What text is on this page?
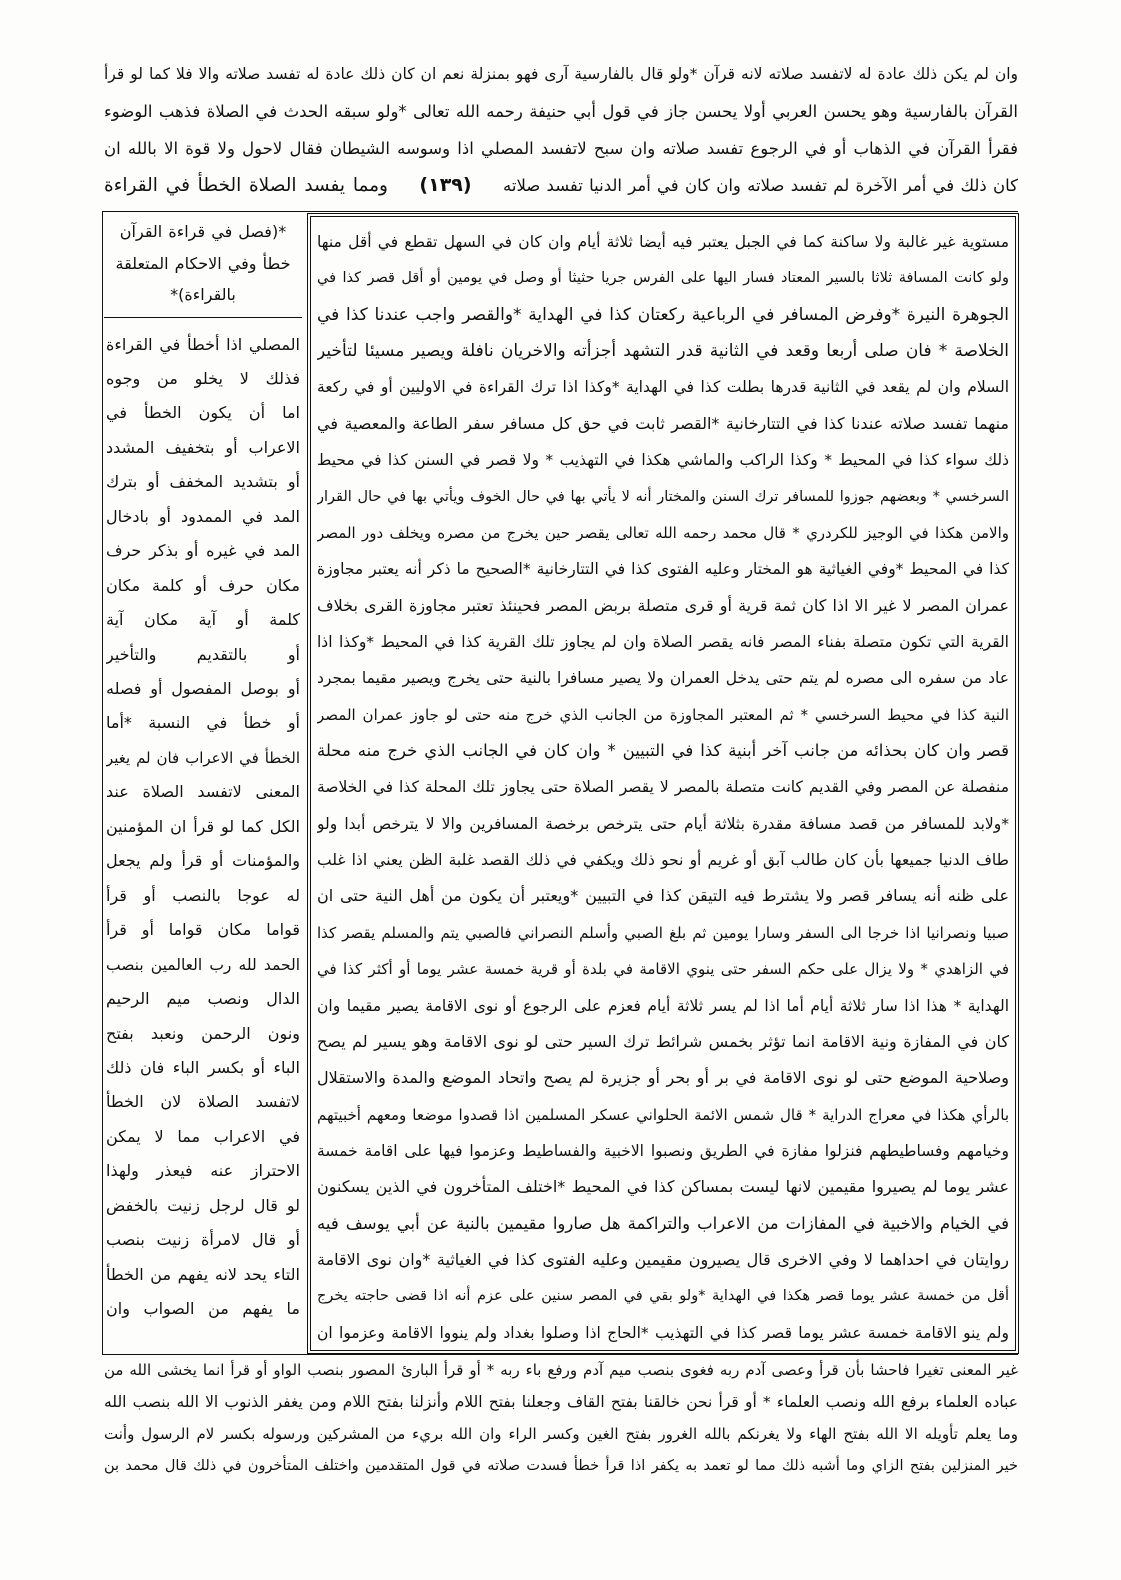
وان لم يكن ذلك عادة له لاتفسد صلاته لانه قرآن *ولو قال بالفارسية آرى فهو بمنزلة نعم ان كان ذلك عادة له تفسد صلاته والا فلا كما لو قرأ
القرآن بالفارسية وهو يحسن العربي أولا يحسن جاز في قول أبي حنيفة رحمه الله تعالى *ولو سبقه الحدث في الصلاة فذهب الوضوء
فقرأ القرآن في الذهاب أو في الرجوع تفسد صلاته وان سبح لاتفسد المصلي اذا وسوسه الشيطان فقال لاحول ولا قوة الا بالله ان
كان ذلك في أمر الآخرة لم تفسد صلاته وان كان في أمر الدنيا تفسد صلاته
(١٣٩)
ومما يفسد الصلاة الخطأ في القراءة
*(فصل في قراءة القرآن
خطأ وفي الاحكام المتعلقة
بالقراءة)*
المصلي اذا أخطأ في القراءة
فذلك لا يخلو من وجوه
اما أن يكون الخطأ في
الاعراب أو بتخفيف المشدد
أو بتشديد المخفف أو بترك
المد في الممدود أو بادخال
المد في غيره أو بذكر حرف
مكان حرف أو كلمة مكان
كلمة أو آية مكان آية
أو بالتقديم والتأخير
أو بوصل المفصول أو فصله
أو خطأ في النسبة *أما
الخطأ في الاعراب فان لم يغير
المعنى لاتفسد الصلاة عند
الكل كما لو قرأ ان المؤمنين
والمؤمنات أو قرأ ولم يجعل
له عوجا بالنصب أو قرأ
قواما مكان قواما أو قرأ
الحمد لله رب العالمين بنصب
الدال ونصب ميم الرحيم
ونون الرحمن ونعبد بفتح
الباء أو بكسر الباء فان ذلك
لاتفسد الصلاة لان الخطأ
في الاعراب مما لا يمكن
الاحتراز عنه فيعذر ولهذا
لو قال لرجل زنيت بالخفض
أو قال لامرأة زنيت بنصب
التاء يحد لانه يفهم من الخطأ
ما يفهم من الصواب وان
مستوية غير غالبة ولا ساكنة كما في الجبل يعتبر فيه أيضا ثلاثة أيام وان كان في السهل تقطع في أقل منها
ولو كانت المسافة ثلاثا بالسير المعتاد فسار اليها على الفرس جريا حثيثا أو وصل في يومين أو أقل قصر كذا في
الجوهرة النيرة *وفرض المسافر في الرباعية ركعتان كذا في الهداية *والقصر واجب عندنا كذا في
الخلاصة * فان صلى أربعا وقعد في الثانية قدر التشهد أجزأته والاخريان نافلة ويصير مسيئا لتأخير
السلام وان لم يقعد في الثانية قدرها بطلت كذا في الهداية *وكذا اذا ترك القراءة في الاوليين أو في ركعة
منهما تفسد صلاته عندنا كذا في التتارخانية *القصر ثابت في حق كل مسافر سفر الطاعة والمعصية في
ذلك سواء كذا في المحيط * وكذا الراكب والماشي هكذا في التهذيب * ولا قصر في السنن كذا في محيط
السرخسي * وبعضهم جوزوا للمسافر ترك السنن والمختار أنه لا يأتي بها في حال الخوف ويأتي بها في حال القرار
والامن هكذا في الوجيز للكردري * قال محمد رحمه الله تعالى يقصر حين يخرج من مصره ويخلف دور المصر
كذا في المحيط *وفي الغياثية هو المختار وعليه الفتوى كذا في التتارخانية *الصحيح ما ذكر أنه يعتبر مجاوزة
عمران المصر لا غير الا اذا كان ثمة قرية أو قرى متصلة بربض المصر فحينئذ تعتبر مجاوزة القرى بخلاف
القرية التي تكون متصلة بفناء المصر فانه يقصر الصلاة وان لم يجاوز تلك القرية كذا في المحيط *وكذا اذا
عاد من سفره الى مصره لم يتم حتى يدخل العمران ولا يصير مسافرا بالنية حتى يخرج ويصير مقيما بمجرد
النية كذا في محيط السرخسي * ثم المعتبر المجاوزة من الجانب الذي خرج منه حتى لو جاوز عمران المصر
قصر وان كان بحذائه من جانب آخر أبنية كذا في التبيين * وان كان في الجانب الذي خرج منه محلة
منفصلة عن المصر وفي القديم كانت متصلة بالمصر لا يقصر الصلاة حتى يجاوز تلك المحلة كذا في الخلاصة
*ولابد للمسافر من قصد مسافة مقدرة بثلاثة أيام حتى يترخص برخصة المسافرين والا لا يترخص أبدا ولو
طاف الدنيا جميعها بأن كان طالب آبق أو غريم أو نحو ذلك ويكفي في ذلك القصد غلبة الظن يعني اذا غلب
على ظنه أنه يسافر قصر ولا يشترط فيه التيقن كذا في التبيين *ويعتبر أن يكون من أهل النية حتى ان
صبيا ونصرانيا اذا خرجا الى السفر وسارا يومين ثم بلغ الصبي وأسلم النصراني فالصبي يتم والمسلم يقصر كذا
في الزاهدي * ولا يزال على حكم السفر حتى ينوي الاقامة في بلدة أو قرية خمسة عشر يوما أو أكثر كذا في
الهداية * هذا اذا سار ثلاثة أيام أما اذا لم يسر ثلاثة أيام فعزم على الرجوع أو نوى الاقامة يصير مقيما وان
كان في المفازة ونية الاقامة انما تؤثر بخمس شرائط ترك السير حتى لو نوى الاقامة وهو يسير لم يصح
وصلاحية الموضع حتى لو نوى الاقامة في بر أو بحر أو جزيرة لم يصح واتحاد الموضع والمدة والاستقلال
بالرأي هكذا في معراج الدراية * قال شمس الائمة الحلواني عسكر المسلمين اذا قصدوا موضعا ومعهم أخبيتهم
وخيامهم وفساطيطهم فنزلوا مفازة في الطريق ونصبوا الاخبية والفساطيط وعزموا فيها على اقامة خمسة
عشر يوما لم يصيروا مقيمين لانها ليست بمساكن كذا في المحيط *اختلف المتأخرون في الذين يسكنون
في الخيام والاخبية في المفازات من الاعراب والتراكمة هل صاروا مقيمين بالنية عن أبي يوسف فيه
روايتان في احداهما لا وفي الاخرى قال يصيرون مقيمين وعليه الفتوى كذا في الغياثية *وان نوى الاقامة
أقل من خمسة عشر يوما قصر هكذا في الهداية *ولو بقي في المصر سنين على عزم أنه اذا قضى حاجته يخرج
ولم ينو الاقامة خمسة عشر يوما قصر كذا في التهذيب *الحاج اذا وصلوا بغداد ولم ينووا الاقامة وعزموا ان
غير المعنى تغيرا فاحشا بأن قرأ وعصى آدم ربه فغوى بنصب ميم آدم ورفع باء ربه * أو قرأ البارئ المصور بنصب الواو أو قرأ انما يخشى الله من
عباده العلماء برفع الله ونصب العلماء * أو قرأ نحن خالقنا بفتح القاف وجعلنا بفتح اللام وأنزلنا بفتح اللام ومن يغفر الذنوب الا الله بنصب الله
وما يعلم تأويله الا الله بفتح الهاء ولا يغرنكم بالله الغرور بفتح الغين وكسر الراء وان الله بريء من المشركين ورسوله بكسر لام الرسول وأنت
خير المنزلين بفتح الزاي وما أشبه ذلك مما لو تعمد به يكفر اذا قرأ خطأ فسدت صلاته في قول المتقدمين واختلف المتأخرون في ذلك قال محمد بن
